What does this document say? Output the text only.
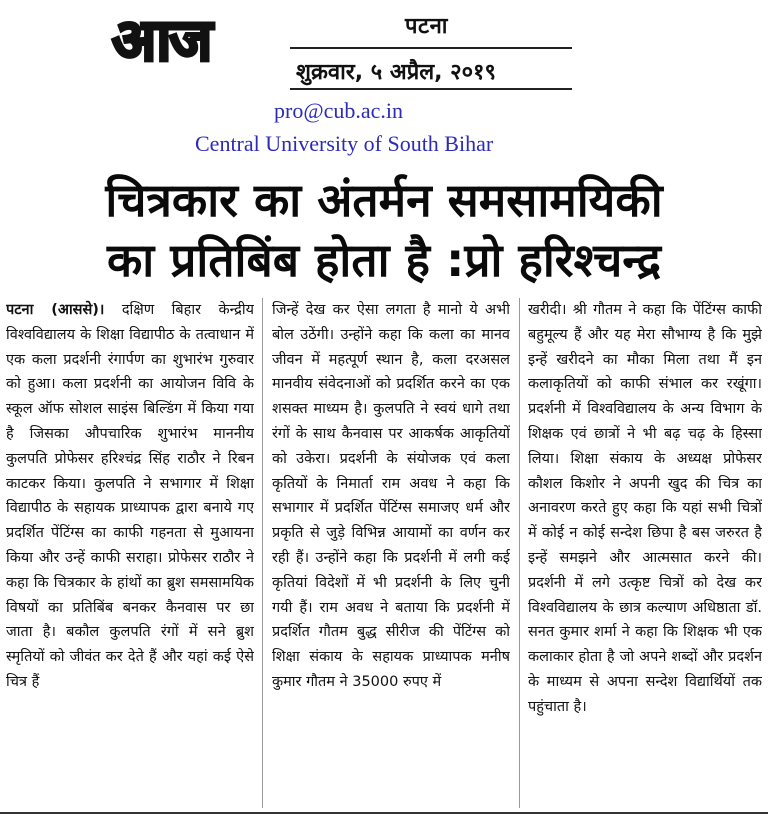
आज	पटना
शुक्रवार, ५ अप्रैल, २०१९
pro@cub.ac.in
Central University of South Bihar
चित्रकार का अंतर्मन समसामयिकी
का प्रतिबिंब होता है :प्रो हरिश्चन्द्र
पटना (आससे)। दक्षिण बिहार केन्द्रीय विश्वविद्यालय के शिक्षा विद्यापीठ के तत्वाधान में एक कला प्रदर्शनी रंगार्पण का शुभारंभ गुरुवार को हुआ। कला प्रदर्शनी का आयोजन विवि के स्कूल ऑफ सोशल साइंस बिल्डिंग में किया गया है जिसका औपचारिक शुभारंभ माननीय कुलपति प्रोफेसर हरिश्चंद्र सिंह राठौर ने रिबन काटकर किया। कुलपति ने सभागार में शिक्षा विद्यापीठ के सहायक प्राध्यापक द्वारा बनाये गए प्रदर्शित पेंटिंग्स का काफी गहनता से मुआयना किया और उन्हें काफी सराहा। प्रोफेसर राठौर ने कहा कि चित्रकार के हांथों का ब्रुश समसामयिक विषयों का प्रतिबिंब बनकर कैनवास पर छा जाता है। बकौल कुलपति रंगों में सने ब्रुश स्मृतियों को जीवंत कर देते हैं और यहां कई ऐसे चित्र हैं
जिन्हें देख कर ऐसा लगता है मानो ये अभी बोल उठेंगी। उन्होंने कहा कि कला का मानव जीवन में महत्पूर्ण स्थान है, कला दरअसल मानवीय संवेदनाओं को प्रदर्शित करने का एक शसक्त माध्यम है। कुलपति ने स्वयं धागे तथा रंगों के साथ कैनवास पर आकर्षक आकृतियों को उकेरा। प्रदर्शनी के संयोजक एवं कला कृतियों के निमार्ता राम अवध ने कहा कि सभागार में प्रदर्शित पेंटिंग्स समाजए धर्म और प्रकृति से जुड़े विभिन्न आयामों का वर्णन कर रही हैं। उन्होंने कहा कि प्रदर्शनी में लगी कई कृतियां विदेशों में भी प्रदर्शनी के लिए चुनी गयी हैं। राम अवध ने बताया कि प्रदर्शनी में प्रदर्शित गौतम बुद्ध सीरीज की पेंटिंग्स को शिक्षा संकाय के सहायक प्राध्यापक मनीष कुमार गौतम ने 35000 रुपए में
खरीदी। श्री गौतम ने कहा कि पेंटिंग्स काफी बहुमूल्य हैं और यह मेरा सौभाग्य है कि मुझे इन्हें खरीदने का मौका मिला तथा मैं इन कलाकृतियों को काफी संभाल कर रखूंगा। प्रदर्शनी में विश्वविद्यालय के अन्य विभाग के शिक्षक एवं छात्रों ने भी बढ़ चढ़ के हिस्सा लिया। शिक्षा संकाय के अध्यक्ष प्रोफेसर कौशल किशोर ने अपनी खुद की चित्र का अनावरण करते हुए कहा कि यहां सभी चित्रों में कोई न कोई सन्देश छिपा है बस जरुरत है इन्हें समझने और आत्मसात करने की। प्रदर्शनी में लगे उत्कृष्ट चित्रों को देख कर विश्वविद्यालय के छात्र कल्याण अधिष्ठाता डॉ. सनत कुमार शर्मा ने कहा कि शिक्षक भी एक कलाकार होता है जो अपने शब्दों और प्रदर्शन के माध्यम से अपना सन्देश विद्यार्थियों तक पहुंचाता है।
